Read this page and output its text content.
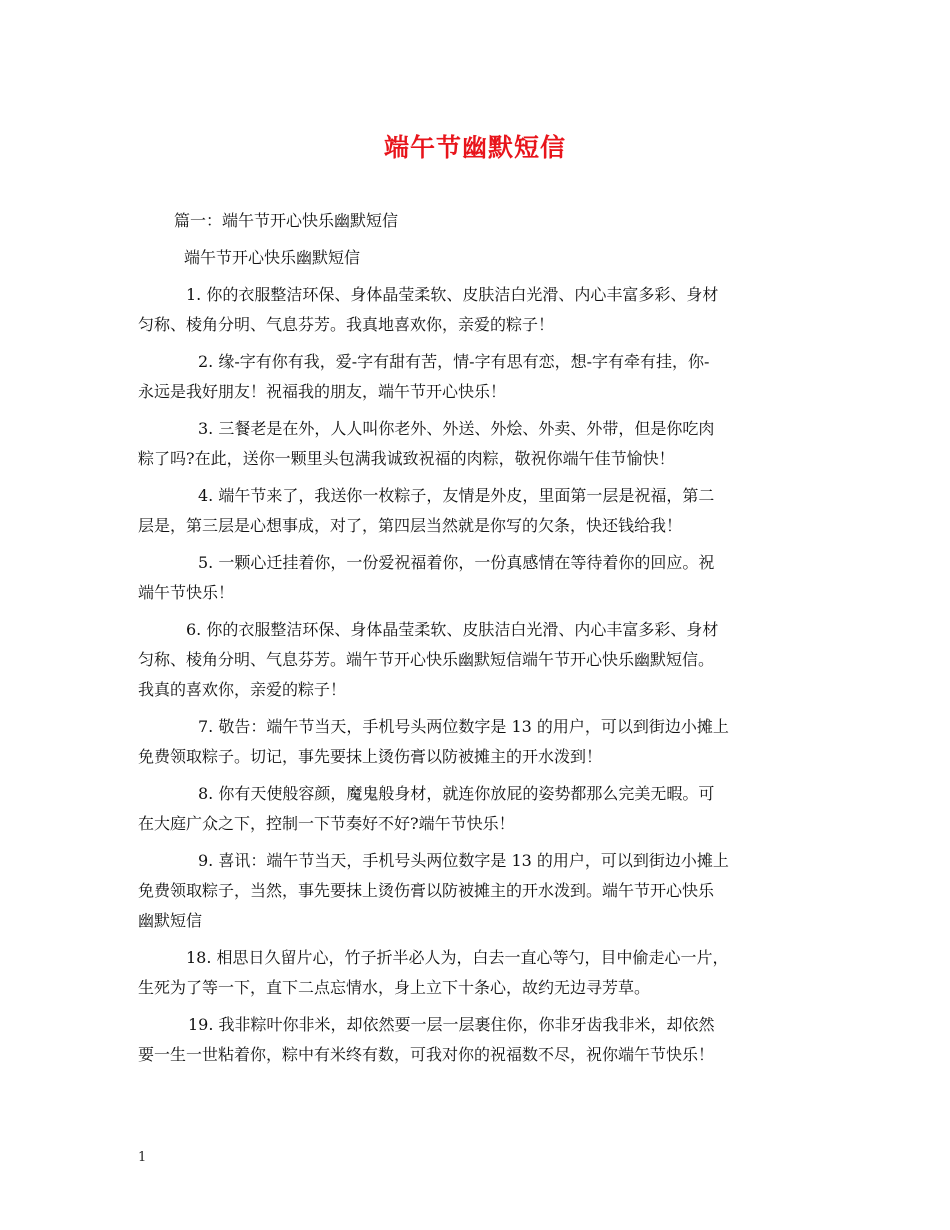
端午节幽默短信
篇一：端午节开心快乐幽默短信
端午节开心快乐幽默短信
1. 你的衣服整洁环保、身体晶莹柔软、皮肤洁白光滑、内心丰富多彩、身材
匀称、棱角分明、气息芬芳。我真地喜欢你，亲爱的粽子！
2. 缘-字有你有我，爱-字有甜有苦，情-字有思有恋，想-字有牵有挂，你-
永远是我好朋友！祝福我的朋友，端午节开心快乐！
3. 三餐老是在外，人人叫你老外、外送、外烩、外卖、外带，但是你吃肉
粽了吗?在此，送你一颗里头包满我诚致祝福的肉粽，敬祝你端午佳节愉快！
4. 端午节来了，我送你一枚粽子，友情是外皮，里面第一层是祝福，第二
层是，第三层是心想事成，对了，第四层当然就是你写的欠条，快还钱给我！
5. 一颗心迁挂着你，一份爱祝福着你，一份真感情在等待着你的回应。祝
端午节快乐！
6. 你的衣服整洁环保、身体晶莹柔软、皮肤洁白光滑、内心丰富多彩、身材
匀称、棱角分明、气息芬芳。端午节开心快乐幽默短信端午节开心快乐幽默短信。
我真的喜欢你，亲爱的粽子！
7. 敬告：端午节当天，手机号头两位数字是 13 的用户，可以到街边小摊上
免费领取粽子。切记，事先要抹上烫伤膏以防被摊主的开水泼到！
8. 你有天使般容颜，魔鬼般身材，就连你放屁的姿势都那么完美无暇。可
在大庭广众之下，控制一下节奏好不好?端午节快乐！
9. 喜讯：端午节当天，手机号头两位数字是 13 的用户，可以到街边小摊上
免费领取粽子，当然，事先要抹上烫伤膏以防被摊主的开水泼到。端午节开心快乐
幽默短信
18. 相思日久留片心，竹子折半必人为，白去一直心等勺，目中偷走心一片，
生死为了等一下，直下二点忘情水，身上立下十条心，故约无边寻芳草。
19. 我非粽叶你非米，却依然要一层一层裹住你，你非牙齿我非米，却依然
要一生一世粘着你，粽中有米终有数，可我对你的祝福数不尽，祝你端午节快乐！
1
